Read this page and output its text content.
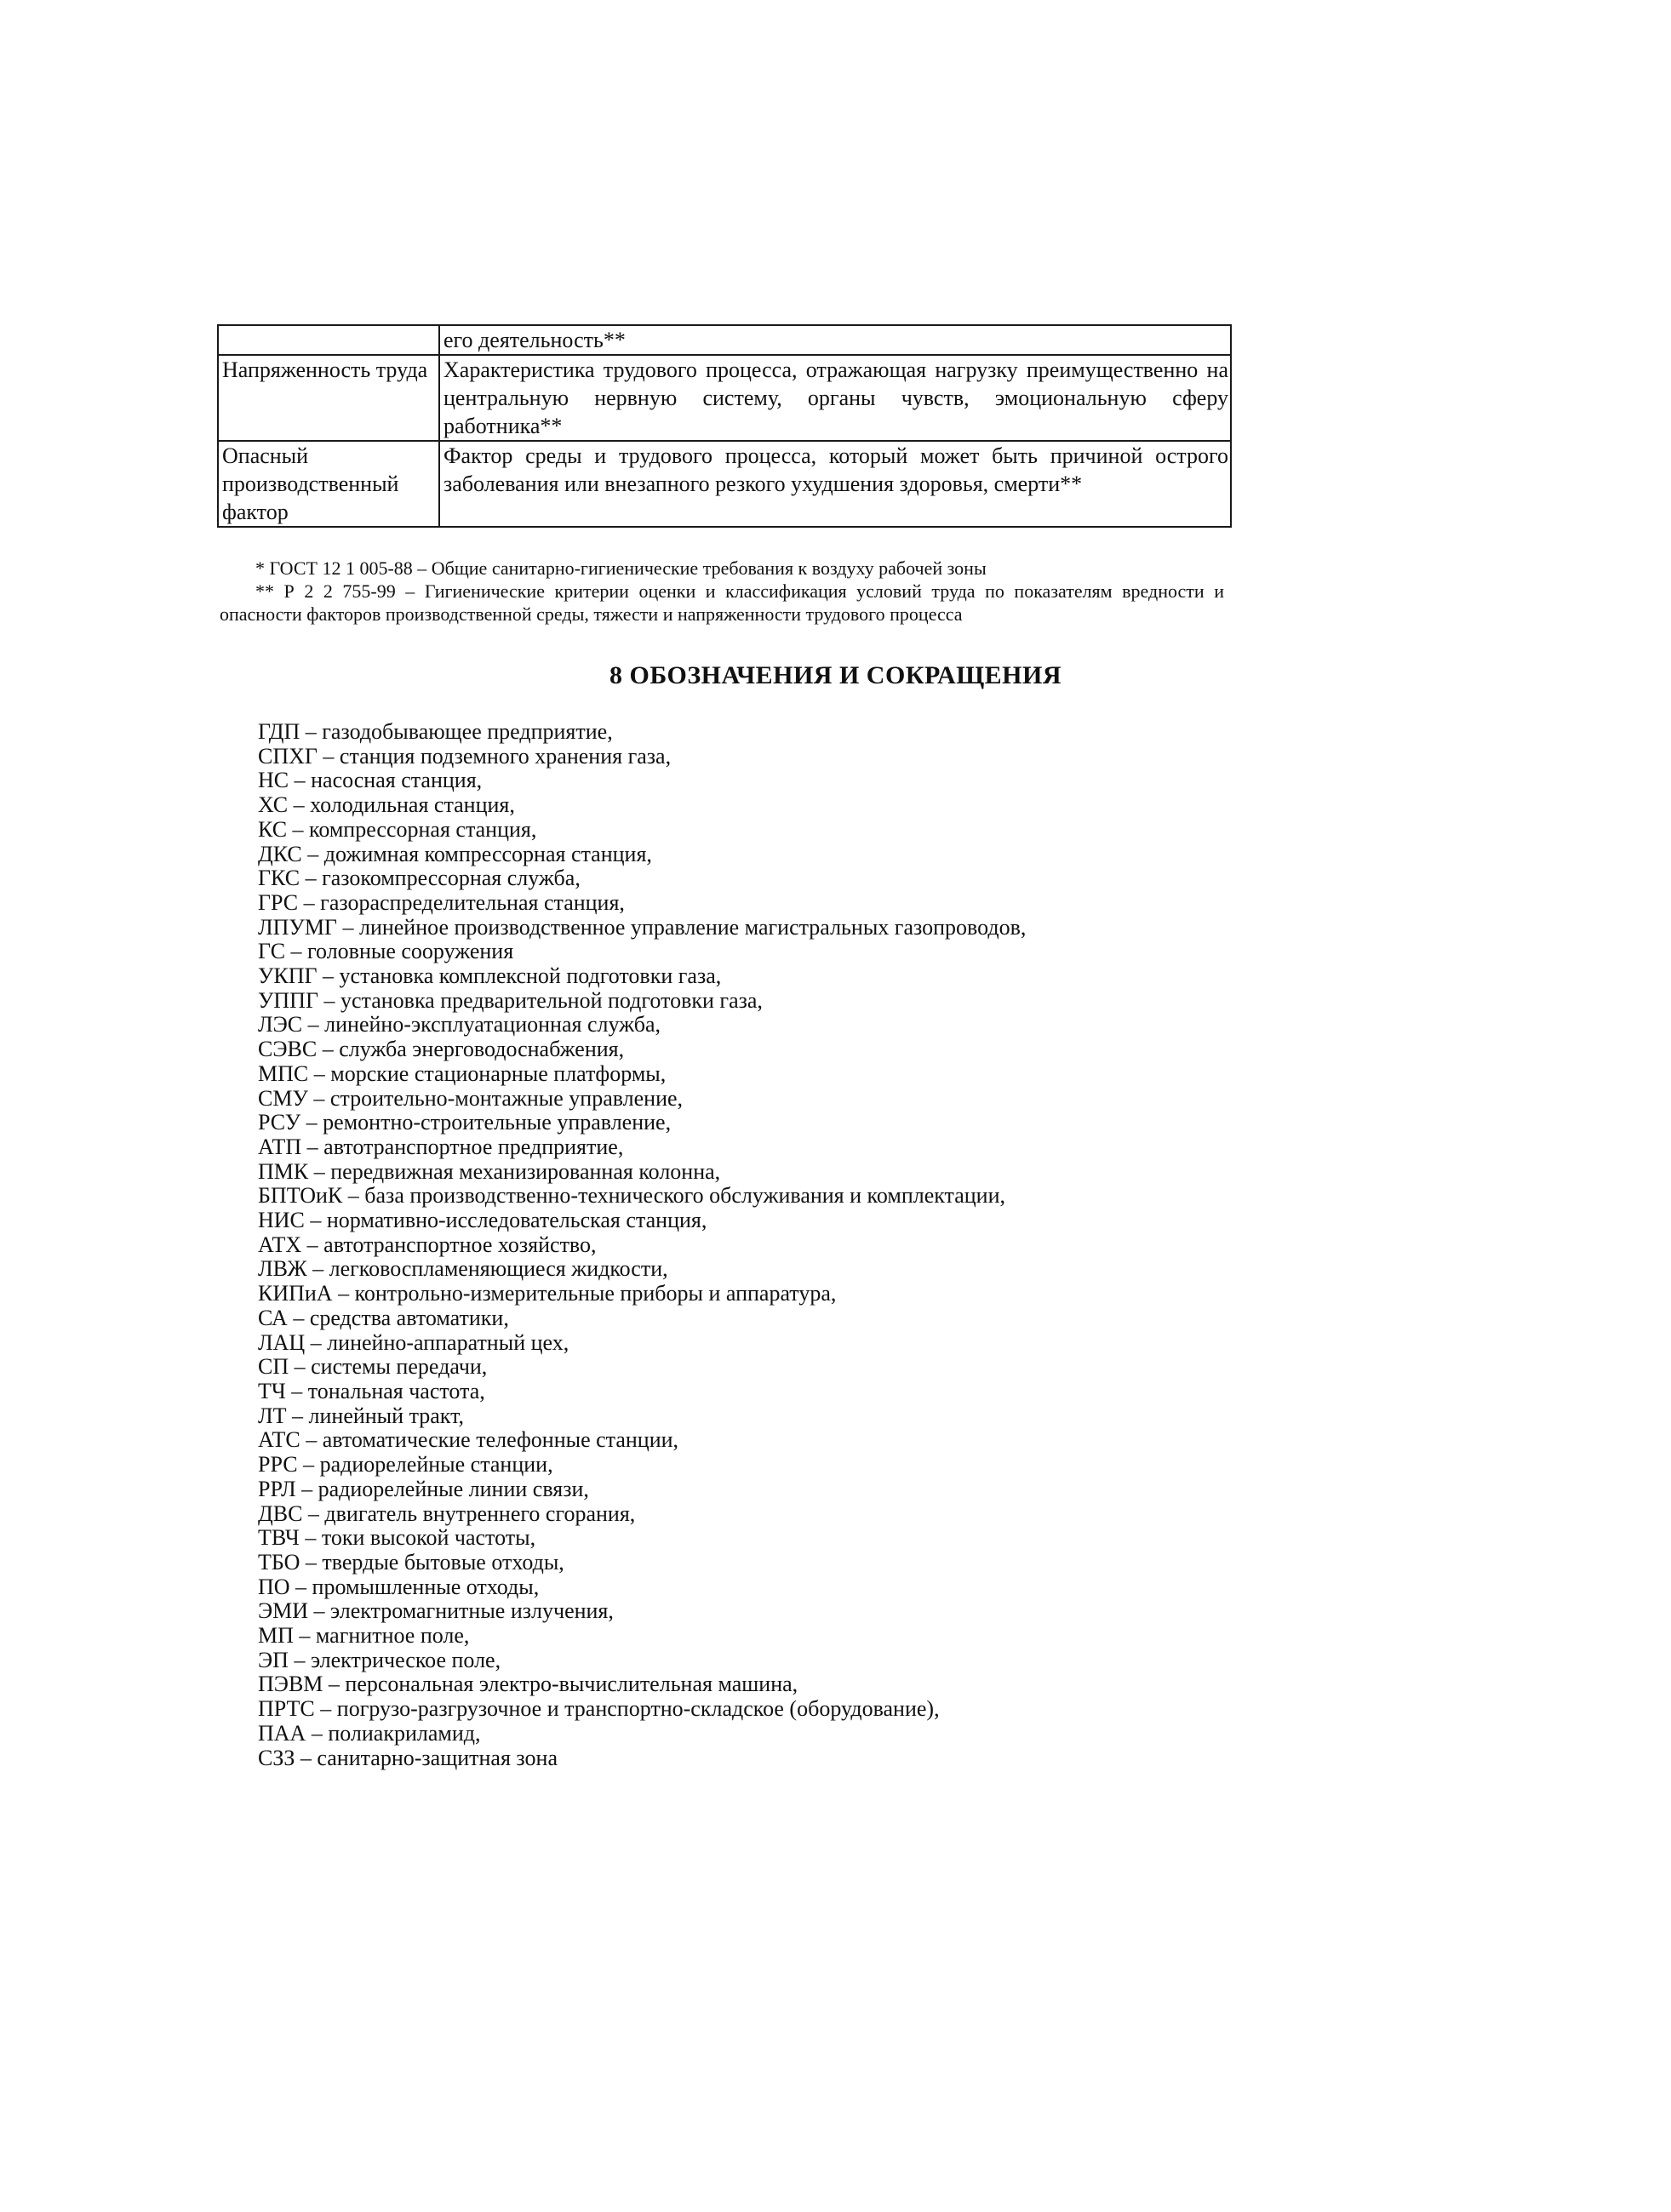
	его деятельность**
Напряженность труда	Характеристика трудового процесса, отражающая нагрузку преимущественно на центральную нервную систему, органы чувств, эмоциональную сферу работника**
Опасный производственный фактор	Фактор среды и трудового процесса, который может быть причиной острого заболевания или внезапного резкого ухудшения здоровья, смерти**

* ГОСТ 12 1 005-88 – Общие санитарно-гигиенические требования к воздуху рабочей зоны

** Р 2 2 755-99 – Гигиенические критерии оценки и классификация условий труда по показателям вредности и опасности факторов производственной среды, тяжести и напряженности трудового процесса

8 ОБОЗНАЧЕНИЯ И СОКРАЩЕНИЯ
ГДП – газодобывающее предприятие,
СПХГ – станция подземного хранения газа,
НС – насосная станция,
ХС – холодильная станция,
КС – компрессорная станция,
ДКС – дожимная компрессорная станция,
ГКС – газокомпрессорная служба,
ГРС – газораспределительная станция,
ЛПУМГ – линейное производственное управление магистральных газопроводов,
ГС – головные сооружения
УКПГ – установка комплексной подготовки газа,
УППГ – установка предварительной подготовки газа,
ЛЭС – линейно-эксплуатационная служба,
СЭВС – служба энерговодоснабжения,
МПС – морские стационарные платформы,
СМУ – строительно-монтажные управление,
РСУ – ремонтно-строительные управление,
АТП – автотранспортное предприятие,
ПМК – передвижная механизированная колонна,
БПТОиК – база производственно-технического обслуживания и комплектации,
НИС – нормативно-исследовательская станция,
АТХ – автотранспортное хозяйство,
ЛВЖ – легковоспламеняющиеся жидкости,
КИПиА – контрольно-измерительные приборы и аппаратура,
СА – средства автоматики,
ЛАЦ – линейно-аппаратный цех,
СП – системы передачи,
ТЧ – тональная частота,
ЛТ – линейный тракт,
АТС – автоматические телефонные станции,
РРС – радиорелейные станции,
РРЛ – радиорелейные линии связи,
ДВС – двигатель внутреннего сгорания,
ТВЧ – токи высокой частоты,
ТБО – твердые бытовые отходы,
ПО – промышленные отходы,
ЭМИ – электромагнитные излучения,
МП – магнитное поле,
ЭП – электрическое поле,
ПЭВМ – персональная электро-вычислительная машина,
ПРТС – погрузо-разгрузочное и транспортно-складское (оборудование),
ПАА – полиакриламид,
СЗЗ – санитарно-защитная зона
